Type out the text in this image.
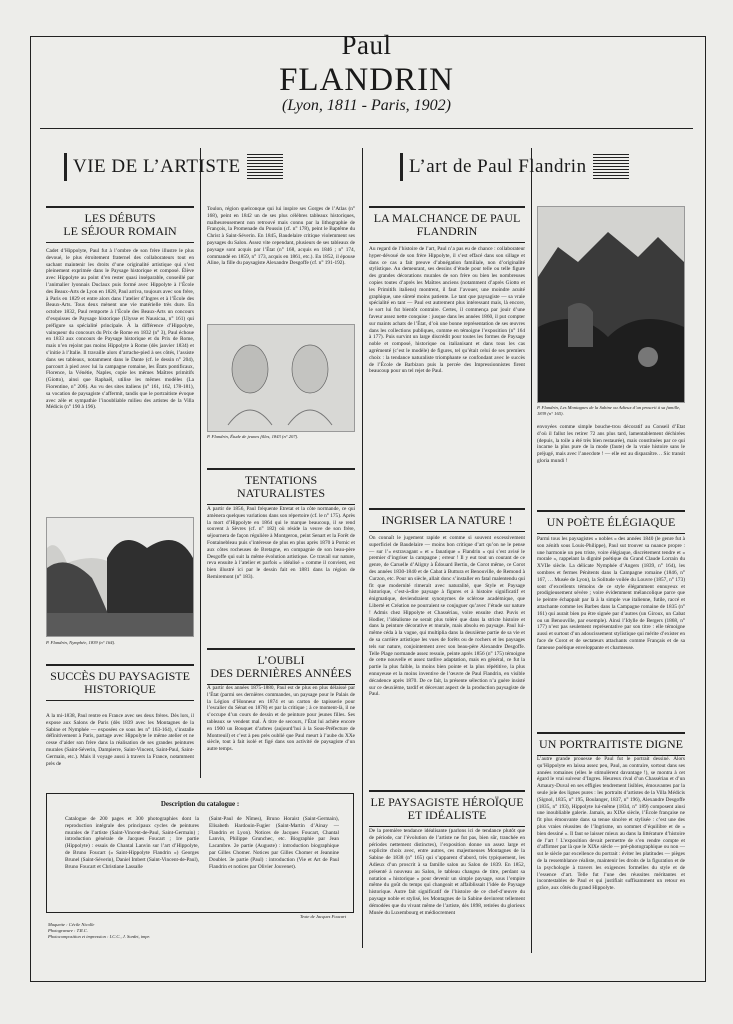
Paul
FLANDRIN
(Lyon, 1811 - Paris, 1902)
VIE DE L’ARTISTE	L’art de Paul Flandrin
LES DÉBUTS
LE SÉJOUR ROMAIN
Cadet d’Hippolyte, Paul fut à l’ombre de son frère illustre le plus devoué, le plus étroitement fraternel des collaborateurs tout en sachant maintenir les droits d’une originalité artistique qui s’est pleinement exprimée dans le Paysage historique et composé. Élève avec Hippolyte au point d’en rester quasi inséparable, conseillé par l’animalier lyonnais Duclaux puis formé avec Hippolyte à l’École des Beaux-Arts de Lyon en 1828, Paul arriva, toujours avec son frère, à Paris en 1829 et entre alors dans l’atelier d’Ingres et à l’École des Beaux-Arts. Tous deux mènent une vie matérielle très dure. En octobre 1832, Paul remporte à l’École des Beaux-Arts un concours d’esquisses de Paysage historique (Ulysse et Nausicaa, n° 161) qui préfigure sa spécialité principale. À la différence d’Hippolyte, vainqueur du concours du Prix de Rome en 1832 (n° 3), Paul échoue en 1833 aux concours de Paysage historique et du Prix de Rome, mais n’en rejoint pas moins Hippolyte à Rome (dès janvier 1834) et s’initie à l’Italie. Il travaille alors d’arrache-pied à ses côtés, l’assiste dans ses tableaux, notamment dans le Dante (cf. le dessin n° 204), parcourt à pied avec lui la campagne romaine, les États pontificaux, Florence, la Vénétie, Naples, copie les mêmes Maîtres primitifs (Giotto), ainsi que Raphaël, utilise les mêmes modèles (La Fiorentine, n° 206). Au vu des sites italiens (n° 161, 162, 178-181), sa vocation de paysagiste s’affermit, tandis que le portraitiste évoque avec zèle et sympathie l’inoubliable milieu des artistes de la Villa Médicis (n° 190 à 196).
P. Flandrin, Nymphée, 1839 (n° 164).
SUCCÈS DU PAYSAGISTE
HISTORIQUE
À la mi-1838, Paul rentre en France avec ses deux frères. Dès lors, il expose aux Salons de Paris (dès 1839 avec les Montagnes de la Sabine et Nymphée — exposées ce sous les n° 163-164), s’installe définitivement à Paris, partage avec Hippolyte le même atelier et ne cesse d’aider son frère dans la réalisation de ses grandes peintures murales (Saint-Séverin, Dampierre, Saint-Vincent, Saint-Paul, Saint-Germain, etc.). Mais il voyage aussi à travers la France, notamment près de
Toulon, région quelconque qui lui inspire ses Gorges de l’Atlas (n° 168), peint en 1842 un de ses plus célèbres tableaux historiques, malheureusement non retrouvé mais connu par la lithographie de François, la Promenade du Poussin (cf. n° 178), peint le Baptême du Christ à Saint-Séverin. En 1845, Baudelaire critique violemment ses paysages du Salon. Assez vite cependant, plusieurs de ses tableaux de paysage sont acquis par l’État (n° 168, acquis en 1846 ; n° 174, commandé en 1859, n° 173, acquis en 1861, etc.). En 1852, il épouse Aline, la fille du paysagiste Alexandre Desgoffe (cf. n° 191-192).
P. Flandrin, Étude de jeunes filles, 1843 (n° 207).
TENTATIONS
NATURALISTES
À partir de 1856, Paul fréquente Étretat et la côte normande, ce qui amènera quelques variations dans son répertoire (cf. le n° 175). Après la mort d’Hippolyte en 1864 qui le marque beaucoup, il se rend souvent à Sèvres (cf. n° 182) où réside la veuve de son frère, séjournera de façon régulière à Montgeron, peint Senart et la Forêt de Fontainebleau puis s’intéresse de plus en plus après 1870 à Pornic et aux côtes rocheuses de Bretagne, en compagnie de son beau-père Desgoffe qui suit la même évolution artistique. Ce travail sur nature, reva ensuite à l’atelier et parfois « idéalisé » comme il convient, est bien illustré ici par le dessin fait en 1881 dans la région de Remiremont (n° 183).
L’OUBLI
DES DERNIÈRES ANNÉES
À partir des années 1875-1880, Paul est de plus en plus délaissé par l’État (parmi ses dernières commandes, un paysage pour le Palais de la Légion d’Honneur en 1874 et un carton de tapisserie pour l’escalier du Sénat en 1878) et par la critique ; à ce moment-là, il ne s’occupe d’un cours de dessin et de peinture pour jeunes filles. Ses tableaux se vendent mal. À titre de secours, l’État lui achète encore en 1900 un Bouquet d’arbres (aujourd’hui à la Sous-Préfecture de Montreuil) et c’est à peu près oublié que Paul meurt à l’aube du XXe siècle, tout à fait isolé et figé dans son activité de paysagiste d’un autre temps.
Description du catalogue :
Catalogue de 200 pages et 300 photographies dont la reproduction intégrale des principaux cycles de peintures murales de l’artiste (Saint-Vincent-de-Paul, Saint-Germain) ; introduction générale de Jacques Foucart ; 1re partie (Hippolyte) : essais de Chantal Lanvin sur l’art d’Hippolyte, de Bruno Foucart (« Saint-Hippolyte Flandrin ») Georges Brunel (Saint-Séverin), Daniel Imbert (Saint-Vincent-de-Paul), Bruno Foucart et Christiane Lassalle
(Saint-Paul de Nîmes), Bruno Horaist (Saint-Germain), Elisabeth Hardouin-Fugier (Saint-Martin d’Ainay — Flandrin et Lyon). Notices de Jacques Foucart, Chantal Lanvin, Philippe Grunchec, etc. Biographie par Jean Lacambre. 2e partie (Auguste) : introduction biographique par Gilles Chomer. Notices par Gilles Chomer et Jeannine Doublet. 3e partie (Paul) : introduction (Vie et Art de Paul Flandrin et notices par Olivier Jouvenet).
Texte de Jacques Foucart
Maquette : Cécile Nicolle
Photogravure : T.R.C.
Photocomposition et impression : I.C.C., J. Sordet, impr.
LA MALCHANCE DE PAUL
FLANDRIN
Au regard de l’histoire de l’art, Paul n’a pas eu de chance : collaborateur hyper-dévoué de son frère Hippolyte, il s’est effacé dans son sillage et dans ce cas a fait preuve d’abnégation familiale, non d’originalité stylistique. Au demeurant, ses dessins d’étude pour telle ou telle figure des grandes décorations murales de son frère ou bien les nombreuses copies toutes d’après les Maîtres anciens (notamment d’après Giotto et les Primitifs italiens) montrent, il faut l’avouer, une moindre acuité graphique, une sûreté moins patiente. Le tant que paysagiste — sa vraie spécialité en tant — Paul est autrement plus intéressant mais, là encore, le sort lui fut bientôt contraire. Certes, il commença par jouir d’une faveur assez nette conquise : jusque dans les années 1860, il put compter sur maints achats de l’État, d’où une bonne représentation de ses œuvres dans les collections publiques, comme en témoigne l’exposition (n° 164 à 177). Puis survint un large discrédit pour toutes les formes de Paysage noble et composé, historique ou italianisant et dans tous les cas agrémenté (c’est le modèle) de figures, tel qu’était celui de ses premiers choix : la tendance naturaliste triomphante se confondant avec le succès de l’École de Barbizon puis la percée des Impressionnistes firent beaucoup pour un tel rejet de Paul.
INGRISER LA NATURE !
On connaît le jugement rapide et comme si souvent excessivement superficiel de Baudelaire — moins bon critique d’art qu’on ne le pense — sur l’« extravagant » et « fanatique » Flandrin « qui s’est avisé le premier d’ingriser la campagne ; erreur ! Il y eut tout un courant de ce genre, de Caruelle d’Aligny à Édouard Bertin, de Corot même, ce Corot des années 1830-1840 et de Cabat à Buttura et Benouville, de Remond à Curzon, etc. Pour un siècle, allait donc s’installer en fatal malentendu qui fit que modernité rimerait avec naturalité, que Style et Paysage historique, c’est-à-dire paysage à figures et à histoire significatif et énigmatique, deviendraient synonymes de sclérose académique, que Liberté et Création ne pourraient se conjuguer qu’avec l’étude sur nature ! Admis chez Hippolyte et Chassériau, voire ensuite chez Puvis et Hodler, l’idéalisme ne serait plus toléré que dans la stricte histoire et dans la peinture décorative et murale, mais absolu en paysage. Paul lui-même céda à la vague, qui multiplia dans la deuxième partie de sa vie et de sa carrière artistique les vues de forêts ou de rochers et les paysages tels sur nature, conjointement avec son beau-père Alexandre Desgoffe. Telle Plage normande assez ressuie, peinte après 1856 (n° 175) témoigne de cette nouvelle et assez tardive adaptation, mais en général, ce fut la partie la plus faible, la moins bien pointe et la plus répétitive, la plus ennuyeuse et la moins inventive de l’œuvre de Paul Flandrin, en visible décadence après 1870. De ce fait, la présente sélection n’a guère insisté sur ce deuxième, tardif et décevant aspect de la production paysagiste de Paul.
LE PAYSAGISTE HÉROÏQUE
ET IDÉALISTE
De la première tendance idéalisante (parlons ici de tendance plutôt que de période, car l’évolution de l’artiste ne fut pas, bien sûr, tranchée en périodes nettement distinctes), l’exposition donne un assez large et explicite choix avec, entre autres, ces majestueuses Montagnes de la Sabine de 1838 (n° 165) qui s’apparent d’abord, très typiquement, les Adieux d’un proscrit à sa famille salon au Salon de 1839. En 1852, présenté à nouveau au Salon, le tableau changea de titre, perdant sa notation « historique » pour devenir un simple paysage, sous l’empire même du goût du temps qui changeait et affaiblissait l’idée de Paysage historique. Autre fait significatif de l’histoire de ce chef-d’œuvre du paysage noble et stylisé, les Montagnes de la Sabine devinrent tellement démodées que du vivant même de l’artiste, dès 1898, retirées du glorieux Musée du Luxembourg et médiocrement
P. Flandrin, Les Montagnes de la Sabine ou Adieux d’un proscrit à sa famille, 1839 (n° 165).
envoyées comme simple bouche-trou décoratif au Conseil d’État d’où il fallut les retirer 72 ans plus tard, lamentablement déchirées (depuis, la toile a été très bien restaurée), mais constituées par ce qui incarne la plus pure de la mode (faute) de la vraie histoire sans le préjugé, mais avec l’anecdote ! — elle est au disparaître… Sic transit gloria mundi !
UN POÈTE ÉLÉGIAQUE
Parmi tous les paysagistes « nobles » des années 1840 (le genre fut à son zénith sous Louis-Philippe), Paul sut trouver sa nuance propre : une harmonie un peu triste, voire élégiaque, discrètement tendre et « morale », rappelant la dignité poétique du Grand Claude Lorrain du XVIIe siècle. La délicate Nymphée d’Angers (1839, n° 164), les sombres et fermes Pénitents dans la Campagne romaine (1846, n° 167, … Musée de Lyon), la Solitude voilée du Louvre (1857, n° 173) sont d’excellents témoins de ce style élégamment ennuyeux et prodigieusement sévère ; voire évidemment mélancolique parce que le peintre échappait par là à la simple vue italienne, futile, raccé et attachante comme les Barbes dans la Campagne romaine de 1835 (n° 161) qui aurait bien pu être signée par d’autres (un Giroux, un Cabat ou un Benouville, par exemple). Ainsi l’Idylle de Bergers (1868, n° 177) n’est pas seulement représentative par son titre : elle témoigne aussi et surtout d’un adoucissement stylistique qui mérite d’exister en face de Corot et de sectateurs attachants comme Français et de sa fameuse poétique enveloppante et charmeuse.
UN PORTRAITISTE DIGNE
L’autre grande prouesse de Paul fut le portrait dessiné. Alors qu’Hippolyte en laissa assez peu, Paul, au contraire, sortout dans ses années romaines (elles le stimulèrent davantage !), se montra à cet égard le vrai suiveur d’Ingres. Heureux rival d’un Chassériau et d’un Amaury-Duval en ses effigies tendrement lisibles, émouvantes par la seule joie des lignes pures : les portraits d’artistes de la Villa Médicis (Signol, 1835, n° 195, Boulanger, 1837, n° 196), Alexandre Desgoffe (1835, n° 193), Hippolyte lui-même (1834, n° 189) composent ainsi une inoubliable galerie. Jamais, au XIXe siècle, l’École française ne fit plus émouvante dans sa tenue sincère et stylisée : c’est une des plus vraies réussites de l’Ingrisme, un sommet d’équilibre et de « bien dessiné ». Il faut se laisser mieux au dans la littérature d’histoire de l’art ! L’exposition devait permettre de s’en rendre compte et d’affirmer par là que le XIXe siècle — pré-photographique ou non — sut le siècle par excellence du portrait : éviter les platitudes — pièges de la ressemblance réaliste, maintenir les droits de la figuration et de la psychologie à travers les exigences formelles du style et de l’essence d’art. Telle fut l’une des réussites méritantes et incontestables de Paul et qui justifiait suffisamment un retour en grâce, aux côtés du grand Hippolyte.
